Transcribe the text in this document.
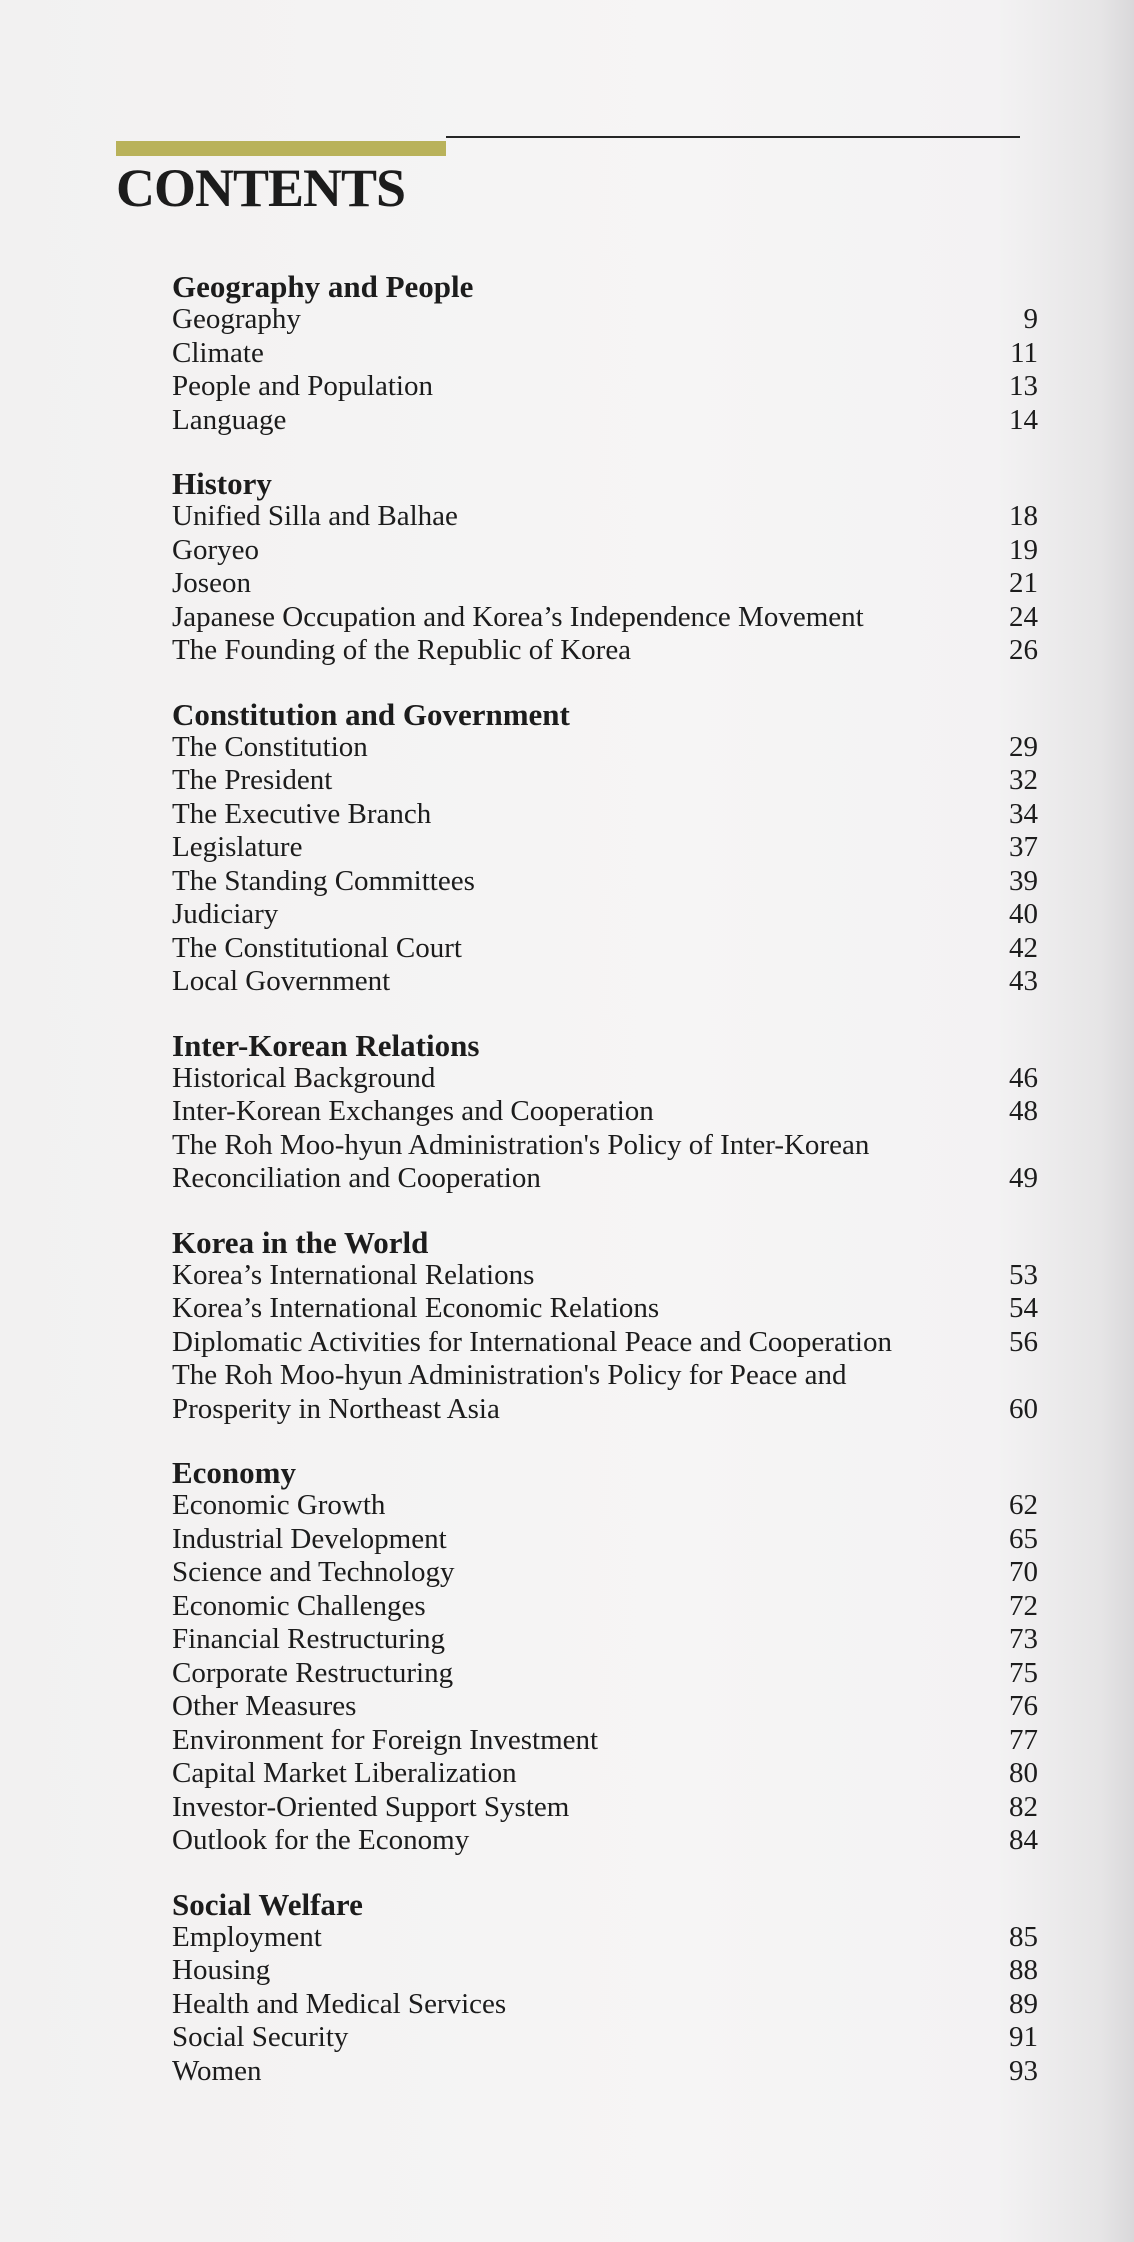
CONTENTS
Geography and People
Geography	9
Climate	11
People and Population	13
Language	14
History
Unified Silla and Balhae	18
Goryeo	19
Joseon	21
Japanese Occupation and Korea’s Independence Movement	24
The Founding of the Republic of Korea	26
Constitution and Government
The Constitution	29
The President	32
The Executive Branch	34
Legislature	37
The Standing Committees	39
Judiciary	40
The Constitutional Court	42
Local Government	43
Inter-Korean Relations
Historical Background	46
Inter-Korean Exchanges and Cooperation	48
The Roh Moo-hyun Administration's Policy of Inter-Korean
Reconciliation and Cooperation	49
Korea in the World
Korea’s International Relations	53
Korea’s International Economic Relations	54
Diplomatic Activities for International Peace and Cooperation	56
The Roh Moo-hyun Administration's Policy for Peace and
Prosperity in Northeast Asia	60
Economy
Economic Growth	62
Industrial Development	65
Science and Technology	70
Economic Challenges	72
Financial Restructuring	73
Corporate Restructuring	75
Other Measures	76
Environment for Foreign Investment	77
Capital Market Liberalization	80
Investor-Oriented Support System	82
Outlook for the Economy	84
Social Welfare
Employment	85
Housing	88
Health and Medical Services	89
Social Security	91
Women	93
